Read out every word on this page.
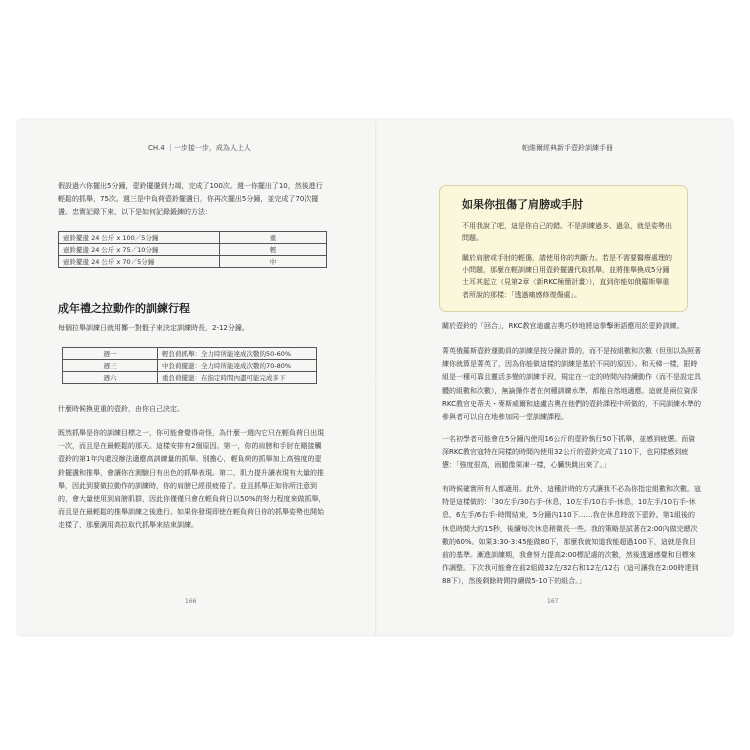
CH.4 ｜一步接一步，成為人上人
假設過六你擺出5分鐘，壺鈴擺盪到力竭，完成了100次。週一你擺出了10，然後進行輕鬆的抓舉，75次。週三是中負荷壺鈴擺盪日，你再次擺出5分鐘，並完成了70次擺盪。忠實記錄下來，以下是如何記錄鍛鍊的方法：
壺鈴擺盪 24 公斤 x 100／5分鐘	重
壺鈴擺盪 24 公斤 x 75／10分鐘	輕
壺鈴擺盪 24 公斤 x 70／5分鐘	中
成年禮之拉動作的訓練行程
每個拉舉訓練日就用擲一對骰子來決定訓練時長，2-12分鐘。
週一	輕負荷抓舉：全力時所能達成次數的50-60%
週三	中負荷擺盪：全力時所能達成次數的70-80%
週六	重負荷擺盪：在指定時間內盡可能完成多下
什麼時候換更重的壺鈴，由你自己決定。
既然抓舉是你的訓練目標之一，你可能會覺得奇怪，為什麼一週內它只在輕負荷日出現一次，而且是在最輕鬆的那天。這樣安排有2個原因。第一，你的肩膀和手肘在剛接觸壺鈴的第1年內還沒辦法適應高訓練量的抓舉。別擔心，輕負荷的抓舉加上高強度的壺鈴擺盪和推舉，會讓你在測驗日有出色的抓舉表現。第二，肌力提升讓表現有大量的推舉，因此到要做拉動作的訓練時，你的肩膀已經很疲倦了。並且抓舉正如你所注意到的，會大量使用到肩膀肌群，因此你僅僅只會在輕負荷日以50%的努力程度來做抓舉，而且是在最輕鬆的推舉訓練之後進行。如果你發現即使在輕負荷日你的抓舉姿勢也開始走樣了，那麼調用高拉取代抓舉來結束訓練。
166
帕維爾經典新手壺鈴訓練手冊
如果你扭傷了肩膀或手肘
不用我說了吧，這是你自己的錯。不是訓練過多、過急，就是姿勢出問題。
關於肩膀或手肘的輕傷，請使用你的判斷力。若是不需要醫療處理的小問題，那麼在輕訓練日用壺鈴擺盪代取抓舉，並將推舉換成5分鐘土耳其起立（見第2章〈新RKC極簡計畫〉），直到你能如俄羅斯舉重者所說的那樣：「透過痛感修復傷處」。
關於壺鈴的「回合」，RKC教官迪盧吉奧巧妙地將這拳擊術語應用於壺鈴訓練。
菁英俄羅斯壺鈴運動員的訓練是按分鐘計算的，而不是按組數和次數（但別以為照著練你就算是菁英了，因為你能做這樣的訓練是基於不同的原因）。和天梯一樣，限時組是一種可靠且靈活多變的訓練手段，規定在一定的時間內持續動作（而不是設定具體的組數和次數），無論操作者在何種訓練水準，都能自然地適應。這就是兩位資深RKC教官史蒂夫・麥斯威爾和迪盧吉奧在他們的壺鈴課程中所做的，不同訓練水準的參與者可以自在地參加同一堂訓練課程。
一名初學者可能會在5分鐘內使用16公斤的壺鈴執行50下抓舉，並感到疲憊。而資深RKC教官寇特在同樣的時間內使用32公斤的壺鈴完成了110下，也同樣感到疲憊：「強度很高，雨腿像果凍一樣，心臟快跳出來了。」
有時候確實所有人都適用。此外，這種計時的方式讓我不必為你指定組數和次數。寇特是這樣做的：「30左手/30右手-休息，10左手/10右手-休息，10左手/10右手-休息，6左手/6右手-時間結束，5分鐘內110下……我在休息時放下壺鈴。第1組後的休息時間大約15秒，後續每次休息稍微長一些。我的策略是試著在2:00內做完總次數的60%。如果3:30-3:45能做80下，那麼我就知道我能超過100下，這就是我目前的基準。漸進訓練期，我會努力提高2:00標記處的次數，然後透過感覺和目標來作調整。下次我可能會在前2組做32左/32右和12左/12右（這可讓我在2:00時達到88下），然後剩餘時間持續做5-10下的組合。」
167
